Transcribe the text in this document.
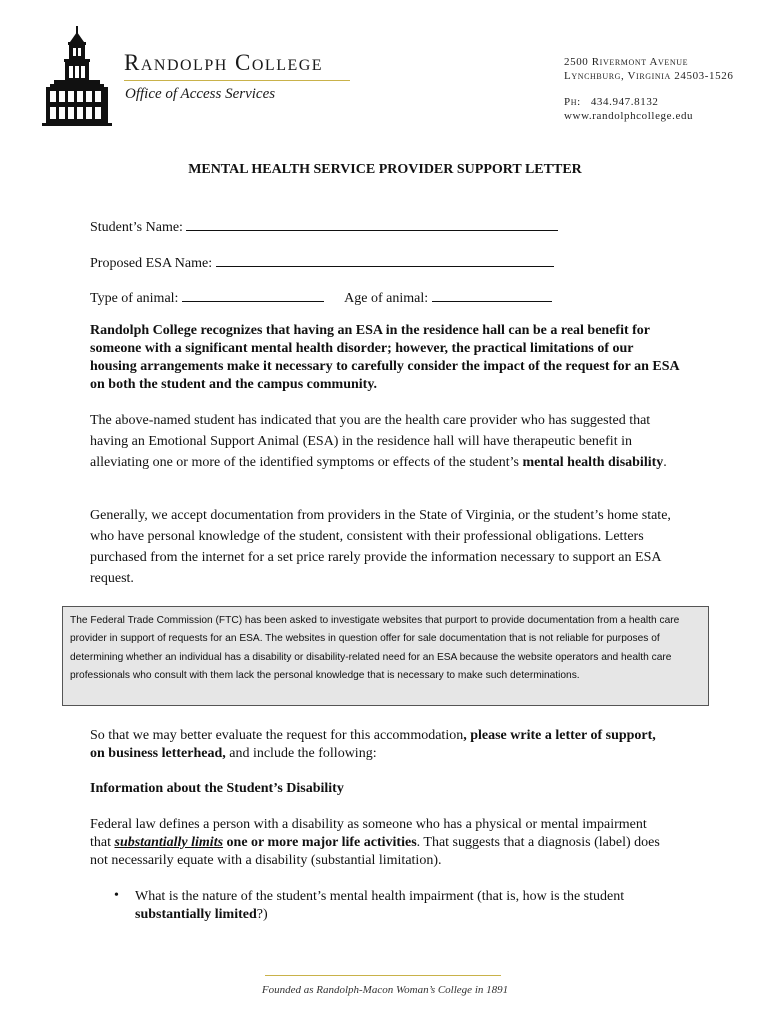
Randolph College
Office of Access Services
2500 Rivermont Avenue
Lynchburg, Virginia 24503-1526
Ph: 434.947.8132
www.randolphcollege.edu
MENTAL HEALTH SERVICE PROVIDER SUPPORT LETTER
Student’s Name:
Proposed ESA Name:
Type of animal:	Age of animal:
Randolph College recognizes that having an ESA in the residence hall can be a real benefit for someone with a significant mental health disorder; however, the practical limitations of our housing arrangements make it necessary to carefully consider the impact of the request for an ESA on both the student and the campus community.
The above-named student has indicated that you are the health care provider who has suggested that having an Emotional Support Animal (ESA) in the residence hall will have therapeutic benefit in alleviating one or more of the identified symptoms or effects of the student’s mental health disability.
Generally, we accept documentation from providers in the State of Virginia, or the student’s home state, who have personal knowledge of the student, consistent with their professional obligations. Letters purchased from the internet for a set price rarely provide the information necessary to support an ESA request.
The Federal Trade Commission (FTC) has been asked to investigate websites that purport to provide documentation from a health care provider in support of requests for an ESA. The websites in question offer for sale documentation that is not reliable for purposes of determining whether an individual has a disability or disability-related need for an ESA because the website operators and health care professionals who consult with them lack the personal knowledge that is necessary to make such determinations.
So that we may better evaluate the request for this accommodation, please write a letter of support, on business letterhead, and include the following:
Information about the Student’s Disability
Federal law defines a person with a disability as someone who has a physical or mental impairment that substantially limits one or more major life activities. That suggests that a diagnosis (label) does not necessarily equate with a disability (substantial limitation).
• What is the nature of the student’s mental health impairment (that is, how is the student substantially limited?)
Founded as Randolph-Macon Woman’s College in 1891
